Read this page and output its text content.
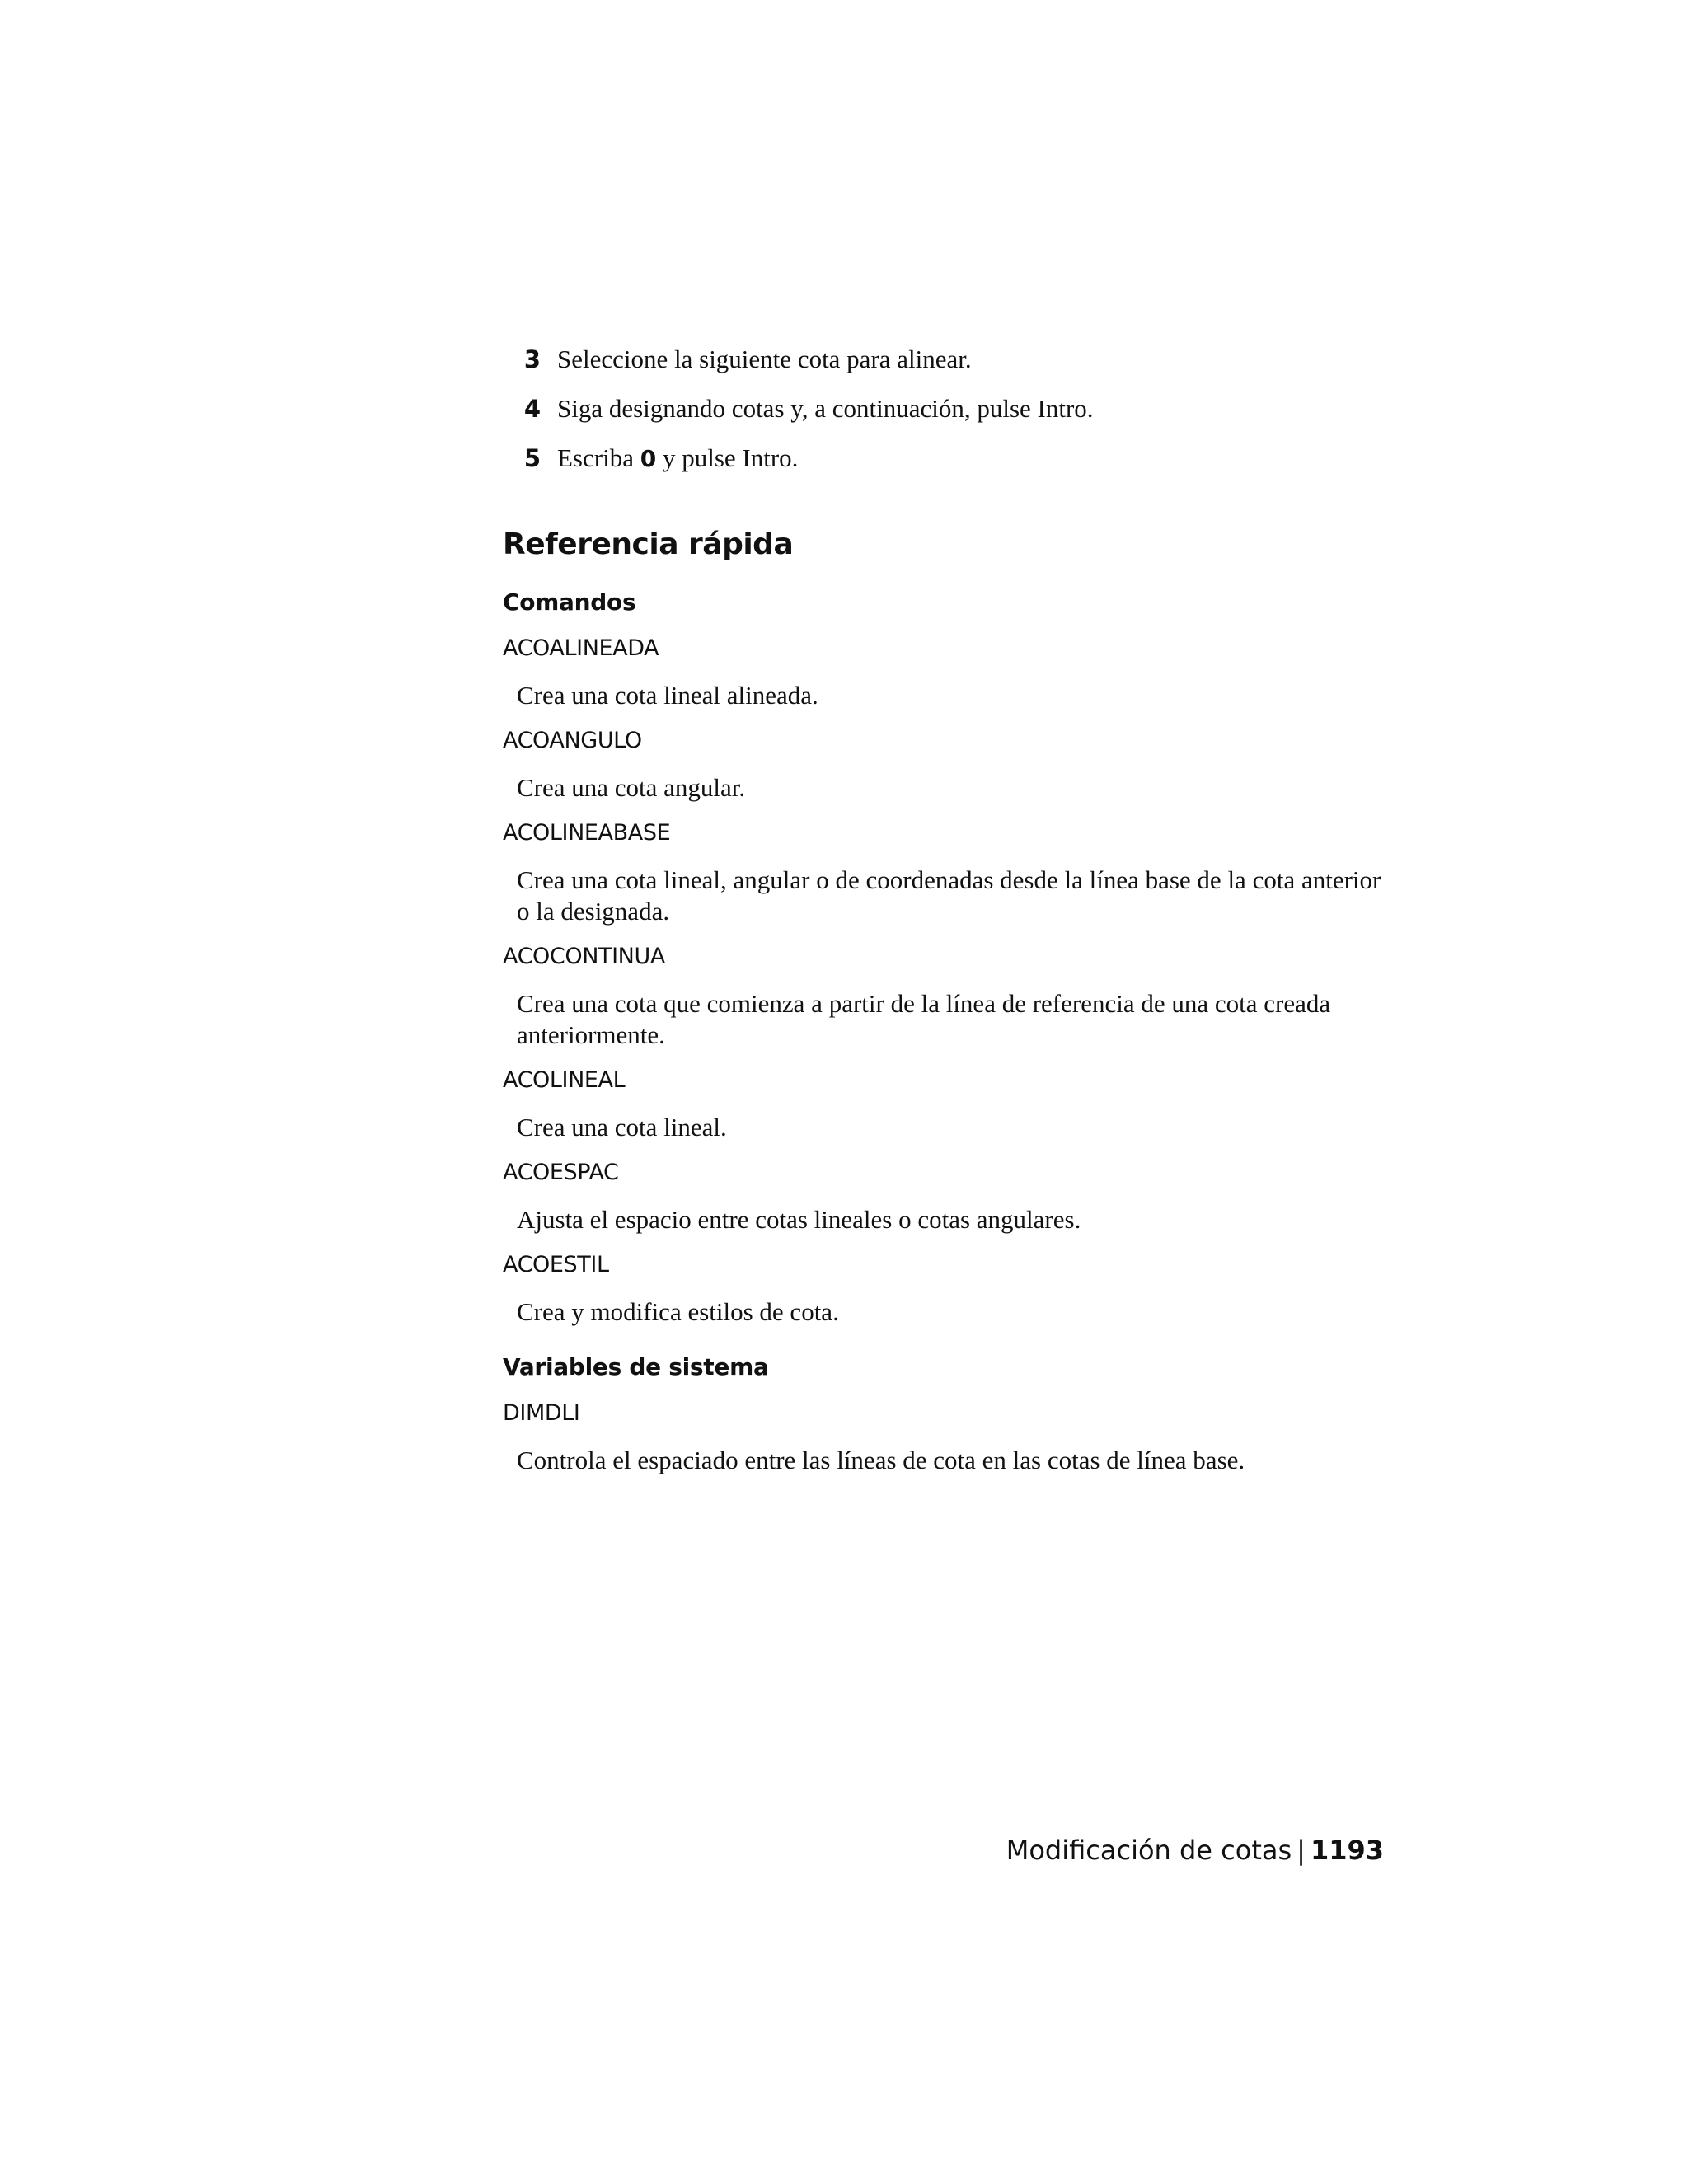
3 Seleccione la siguiente cota para alinear.
4 Siga designando cotas y, a continuación, pulse Intro.
5 Escriba 0 y pulse Intro.
Referencia rápida
Comandos
ACOALINEADA
Crea una cota lineal alineada.
ACOANGULO
Crea una cota angular.
ACOLINEABASE
Crea una cota lineal, angular o de coordenadas desde la línea base de la cota anterior o la designada.
ACOCONTINUA
Crea una cota que comienza a partir de la línea de referencia de una cota creada anteriormente.
ACOLINEAL
Crea una cota lineal.
ACOESPAC
Ajusta el espacio entre cotas lineales o cotas angulares.
ACOESTIL
Crea y modifica estilos de cota.
Variables de sistema
DIMDLI
Controla el espaciado entre las líneas de cota en las cotas de línea base.
Modificación de cotas | 1193
